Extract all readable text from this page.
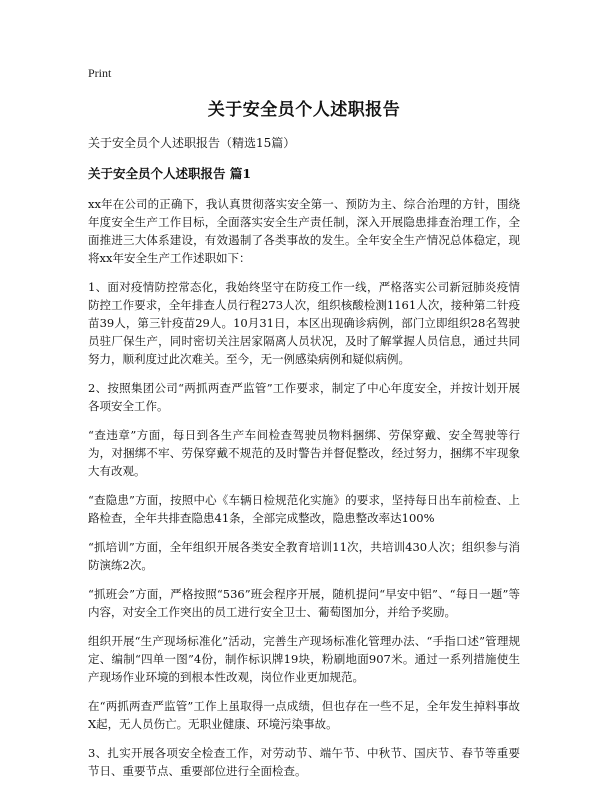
Print
关于安全员个人述职报告
关于安全员个人述职报告（精选15篇）
关于安全员个人述职报告 篇1

xx年在公司的正确下，我认真贯彻落实安全第一、预防为主、综合治理的方针，围绕年度安全生产工作目标，全面落实安全生产责任制，深入开展隐患排查治理工作，全面推进三大体系建设，有效遏制了各类事故的发生。全年安全生产情况总体稳定，现将xx年安全生产工作述职如下：

1、面对疫情防控常态化，我始终坚守在防疫工作一线，严格落实公司新冠肺炎疫情防控工作要求，全年排查人员行程273人次，组织核酸检测1161人次，接种第二针疫苗39人，第三针疫苗29人。10月31日，本区出现确诊病例，部门立即组织28名驾驶员驻厂保生产，同时密切关注居家隔离人员状况，及时了解掌握人员信息，通过共同努力，顺利度过此次难关。至今，无一例感染病例和疑似病例。

2、按照集团公司“两抓两查严监管”工作要求，制定了中心年度安全，并按计划开展各项安全工作。

“查违章”方面，每日到各生产车间检查驾驶员物料捆绑、劳保穿戴、安全驾驶等行为，对捆绑不牢、劳保穿戴不规范的及时警告并督促整改，经过努力，捆绑不牢现象大有改观。

“查隐患”方面，按照中心《车辆日检规范化实施》的要求，坚持每日出车前检查、上路检查，全年共排查隐患41条，全部完成整改，隐患整改率达100%

“抓培训”方面，全年组织开展各类安全教育培训11次，共培训430人次；组织参与消防演练2次。

“抓班会”方面，严格按照“536”班会程序开展，随机提问“早安中铝”、“每日一题”等内容，对安全工作突出的员工进行安全卫士、葡萄图加分，并给予奖励。

组织开展“生产现场标准化”活动，完善生产现场标准化管理办法、“手指口述”管理规定、编制“四单一图”4份，制作标识牌19块，粉刷地面907米。通过一系列措施使生产现场作业环境的到根本性改观，岗位作业更加规范。

在“两抓两查严监管”工作上虽取得一点成绩，但也存在一些不足，全年发生掉料事故X起，无人员伤亡。无职业健康、环境污染事故。

3、扎实开展各项安全检查工作，对劳动节、端午节、中秋节、国庆节、春节等重要节日、重要节点、重要部位进行全面检查。
